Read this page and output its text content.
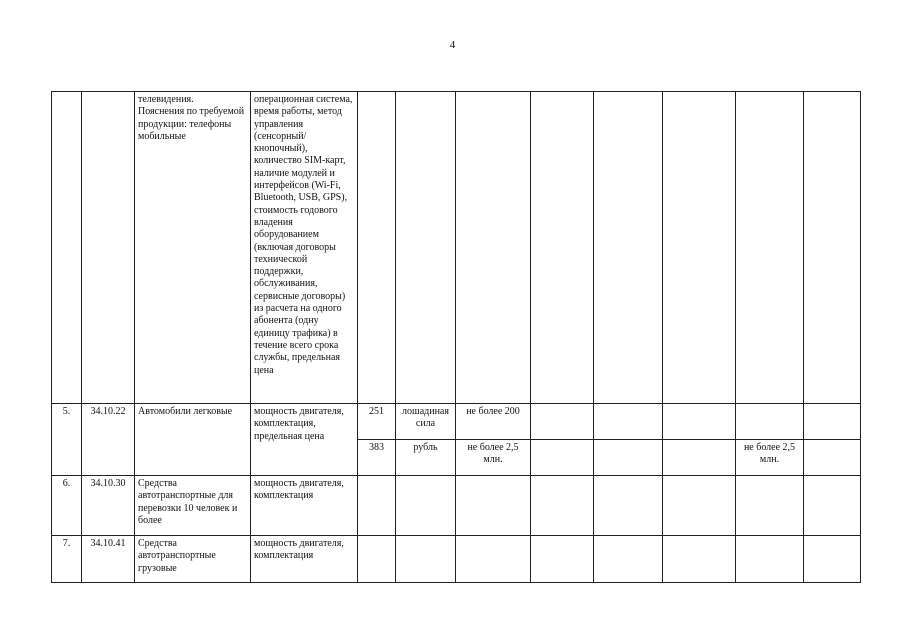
4
		телевидения.
Пояснения по требуемой продукции: телефоны мобильные	операционная система, время работы, метод управления (сенсорный/кнопочный), количество SIM-карт, наличие модулей и интерфейсов (Wi-Fi, Bluetooth, USB, GPS), стоимость годового владения оборудованием (включая договоры технической поддержки, обслуживания, сервисные договоры) из расчета на одного абонента (одну единицу трафика) в течение всего срока службы, предельная цена								
5.	34.10.22	Автомобили легковые	мощность двигателя, комплектация, предельная цена	251	лошадиная сила	не более 200					
				383	рубль	не более 2,5 млн.				не более 2,5 млн.	
6.	34.10.30	Средства автотранспортные для перевозки 10 человек и более	мощность двигателя, комплектация								
7.	34.10.41	Средства автотранспортные грузовые	мощность двигателя, комплектация								
